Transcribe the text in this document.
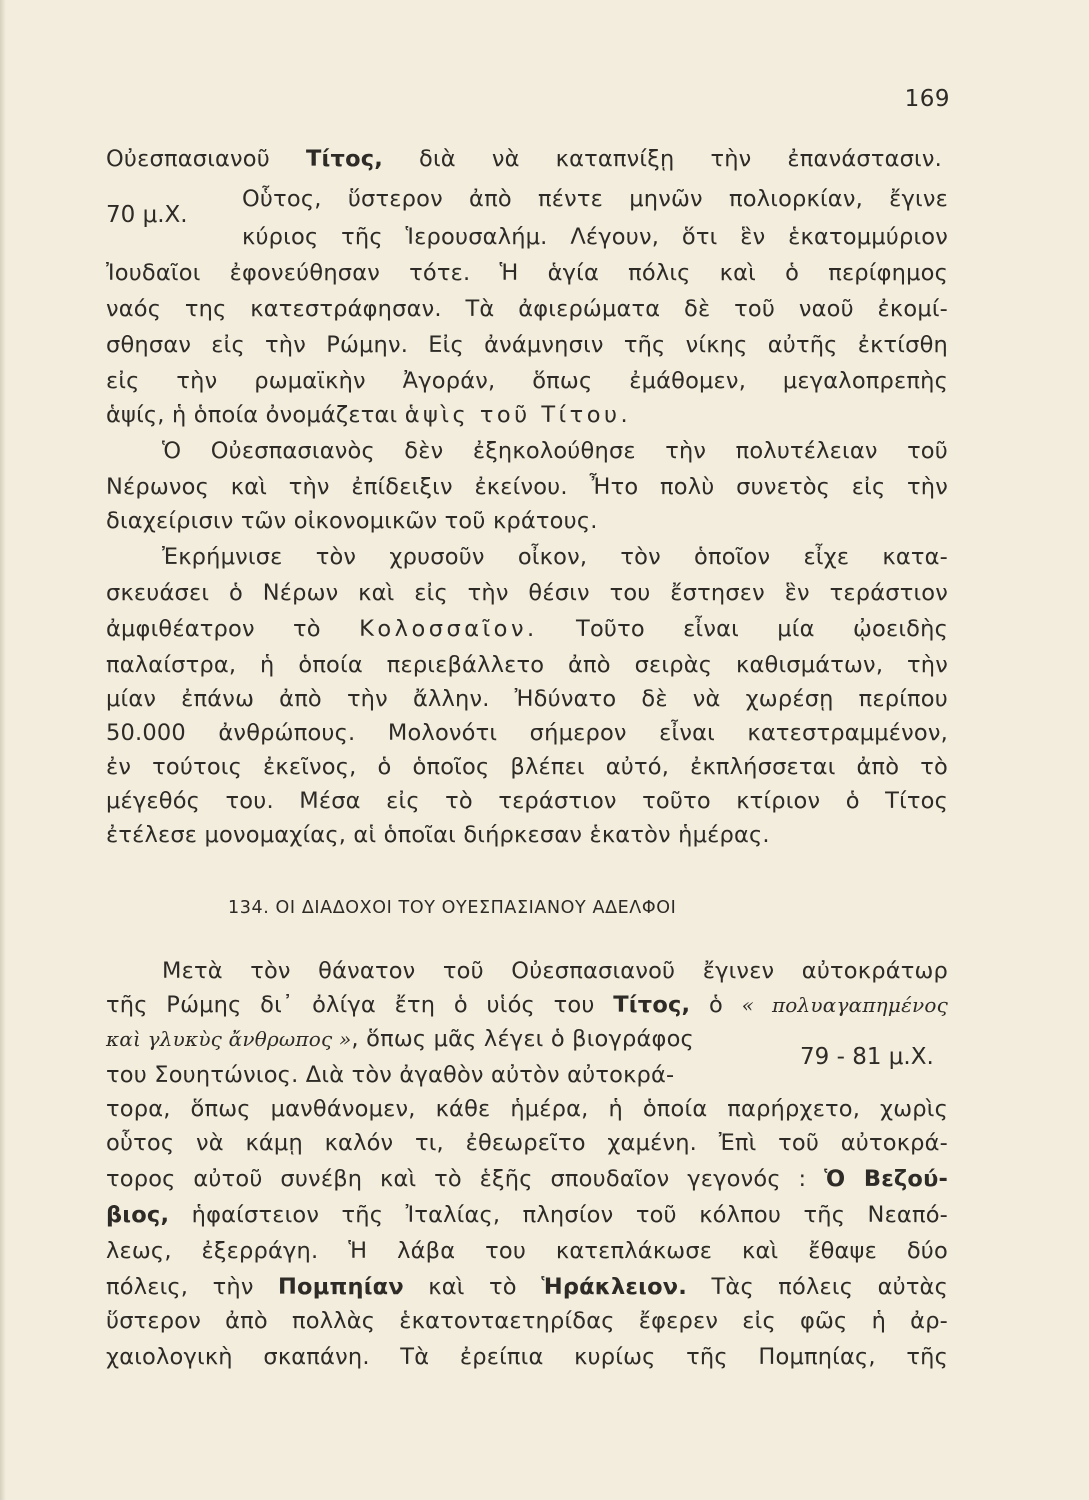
169
Οὐεσπασιανοῦ Τίτος, διὰ νὰ καταπνίξῃ τὴν ἐπανάστασιν.
70 μ.Χ.
Οὗτος, ὕστερον ἀπὸ πέντε μηνῶν πολιορκίαν, ἔγινε
κύριος τῆς Ἱερουσαλήμ. Λέγουν, ὅτι ἓν ἑκατομμύριον
Ἰουδαῖοι ἐφονεύθησαν τότε. Ἡ ἁγία πόλις καὶ ὁ περίφημος
ναός της κατεστράφησαν. Τὰ ἀφιερώματα δὲ τοῦ ναοῦ ἐκομί-
σθησαν εἰς τὴν Ρώμην. Εἰς ἀνάμνησιν τῆς νίκης αὐτῆς ἐκτίσθη
εἰς τὴν ρωμαϊκὴν Ἀγοράν, ὅπως ἐμάθομεν, μεγαλοπρεπὴς
ἁψίς, ἡ ὁποία ὀνομάζεται ἁψὶς τοῦ Τίτου.
Ὁ Οὐεσπασιανὸς δὲν ἐξηκολούθησε τὴν πολυτέλειαν τοῦ
Νέρωνος καὶ τὴν ἐπίδειξιν ἐκείνου. Ἦτο πολὺ συνετὸς εἰς τὴν
διαχείρισιν τῶν οἰκονομικῶν τοῦ κράτους.
Ἐκρήμνισε τὸν χρυσοῦν οἶκον, τὸν ὁποῖον εἶχε κατα-
σκευάσει ὁ Νέρων καὶ εἰς τὴν θέσιν του ἔστησεν ἓν τεράστιον
ἀμφιθέατρον τὸ Κολοσσαῖον. Τοῦτο εἶναι μία ᾠοειδὴς
παλαίστρα, ἡ ὁποία περιεβάλλετο ἀπὸ σειρὰς καθισμάτων, τὴν
μίαν ἐπάνω ἀπὸ τὴν ἄλλην. Ἠδύνατο δὲ νὰ χωρέσῃ περίπου
50.000 ἀνθρώπους. Μολονότι σήμερον εἶναι κατεστραμμένον,
ἐν τούτοις ἐκεῖνος, ὁ ὁποῖος βλέπει αὐτό, ἐκπλήσσεται ἀπὸ τὸ
μέγεθός του. Μέσα εἰς τὸ τεράστιον τοῦτο κτίριον ὁ Τίτος
ἐτέλεσε μονομαχίας, αἱ ὁποῖαι διήρκεσαν ἑκατὸν ἡμέρας.
134. ΟΙ ΔΙΑΔΟΧΟΙ ΤΟΥ ΟΥΕΣΠΑΣΙΑΝΟΥ ΑΔΕΛΦΟΙ
Μετὰ τὸν θάνατον τοῦ Οὐεσπασιανοῦ ἔγινεν αὐτοκράτωρ
τῆς Ρώμης δι᾽ ὀλίγα ἔτη ὁ υἱός του Τίτος, ὁ « πολυαγαπημένος
καὶ γλυκὺς ἄνθρωπος », ὅπως μᾶς λέγει ὁ βιογράφος
79 - 81 μ.Χ.
του Σουητώνιος. Διὰ τὸν ἀγαθὸν αὐτὸν αὐτοκρά-
τορα, ὅπως μανθάνομεν, κάθε ἡμέρα, ἡ ὁποία παρήρχετο, χωρὶς
οὗτος νὰ κάμῃ καλόν τι, ἐθεωρεῖτο χαμένη. Ἐπὶ τοῦ αὐτοκρά-
τορος αὐτοῦ συνέβη καὶ τὸ ἑξῆς σπουδαῖον γεγονός : Ὁ Βεζού-
βιος, ἡφαίστειον τῆς Ἰταλίας, πλησίον τοῦ κόλπου τῆς Νεαπό-
λεως, ἐξερράγη. Ἡ λάβα του κατεπλάκωσε καὶ ἔθαψε δύο
πόλεις, τὴν Πομπηίαν καὶ τὸ Ἡράκλειον. Τὰς πόλεις αὐτὰς
ὕστερον ἀπὸ πολλὰς ἑκατονταετηρίδας ἔφερεν εἰς φῶς ἡ ἀρ-
χαιολογικὴ σκαπάνη. Τὰ ἐρείπια κυρίως τῆς Πομπηίας, τῆς
